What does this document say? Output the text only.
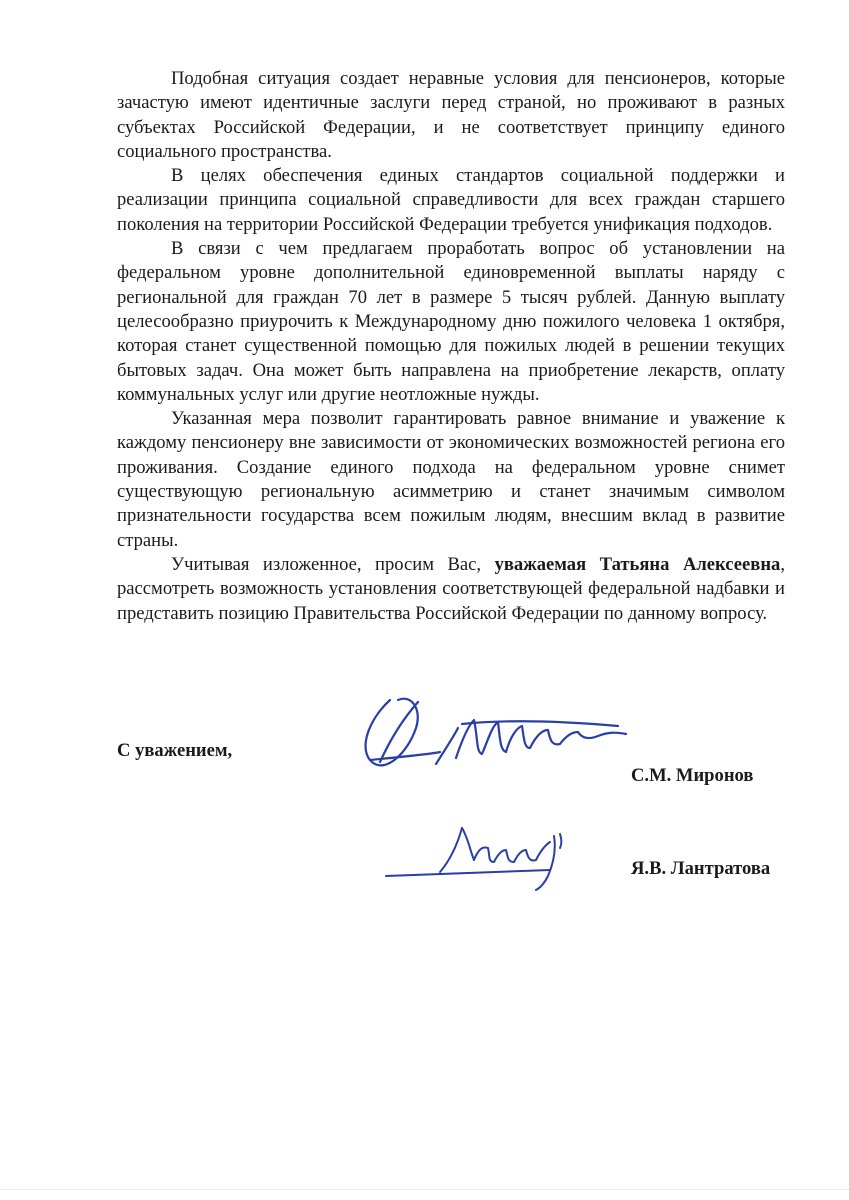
Подобная ситуация создает неравные условия для пенсионеров, которые зачастую имеют идентичные заслуги перед страной, но проживают в разных субъектах Российской Федерации, и не соответствует принципу единого социального пространства.

В целях обеспечения единых стандартов социальной поддержки и реализации принципа социальной справедливости для всех граждан старшего поколения на территории Российской Федерации требуется унификация подходов.

В связи с чем предлагаем проработать вопрос об установлении на федеральном уровне дополнительной единовременной выплаты наряду с региональной для граждан 70 лет в размере 5 тысяч рублей. Данную выплату целесообразно приурочить к Международному дню пожилого человека 1 октября, которая станет существенной помощью для пожилых людей в решении текущих бытовых задач. Она может быть направлена на приобретение лекарств, оплату коммунальных услуг или другие неотложные нужды.

Указанная мера позволит гарантировать равное внимание и уважение к каждому пенсионеру вне зависимости от экономических возможностей региона его проживания. Создание единого подхода на федеральном уровне снимет существующую региональную асимметрию и станет значимым символом признательности государства всем пожилым людям, внесшим вклад в развитие страны.

Учитывая изложенное, просим Вас, уважаемая Татьяна Алексеевна, рассмотреть возможность установления соответствующей федеральной надбавки и представить позицию Правительства Российской Федерации по данному вопросу.

С уважением,
С.М. Миронов
Я.В. Лантратова
